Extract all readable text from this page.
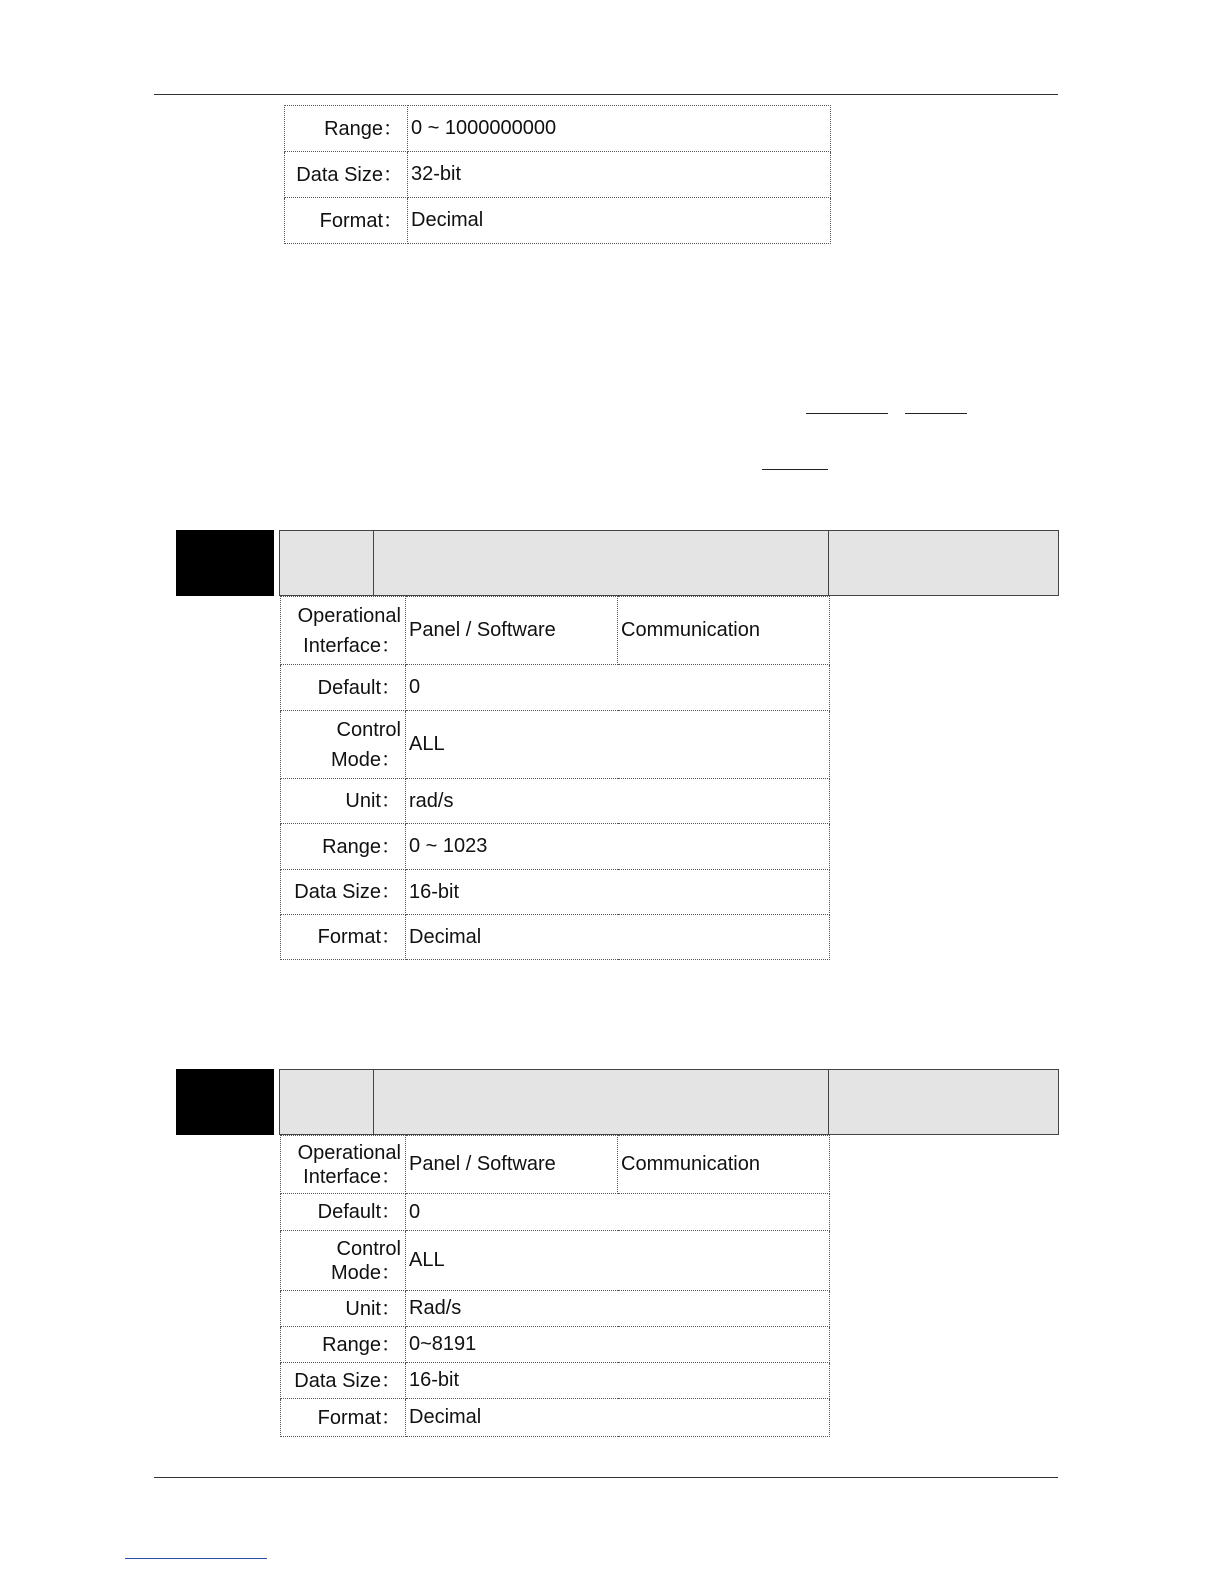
Range：	0 ~ 1000000000
Data Size：	32-bit
Format：	Decimal
Operational
Interface：	Panel / Software	Communication
Default：	0	
Control
Mode：	ALL	
Unit：	rad/s	
Range：	0 ~ 1023	
Data Size：	16-bit	
Format：	Decimal	
Operational
Interface：	Panel / Software	Communication
Default：	0	
Control
Mode：	ALL	
Unit：	Rad/s	
Range：	0~8191	
Data Size：	16-bit	
Format：	Decimal	
